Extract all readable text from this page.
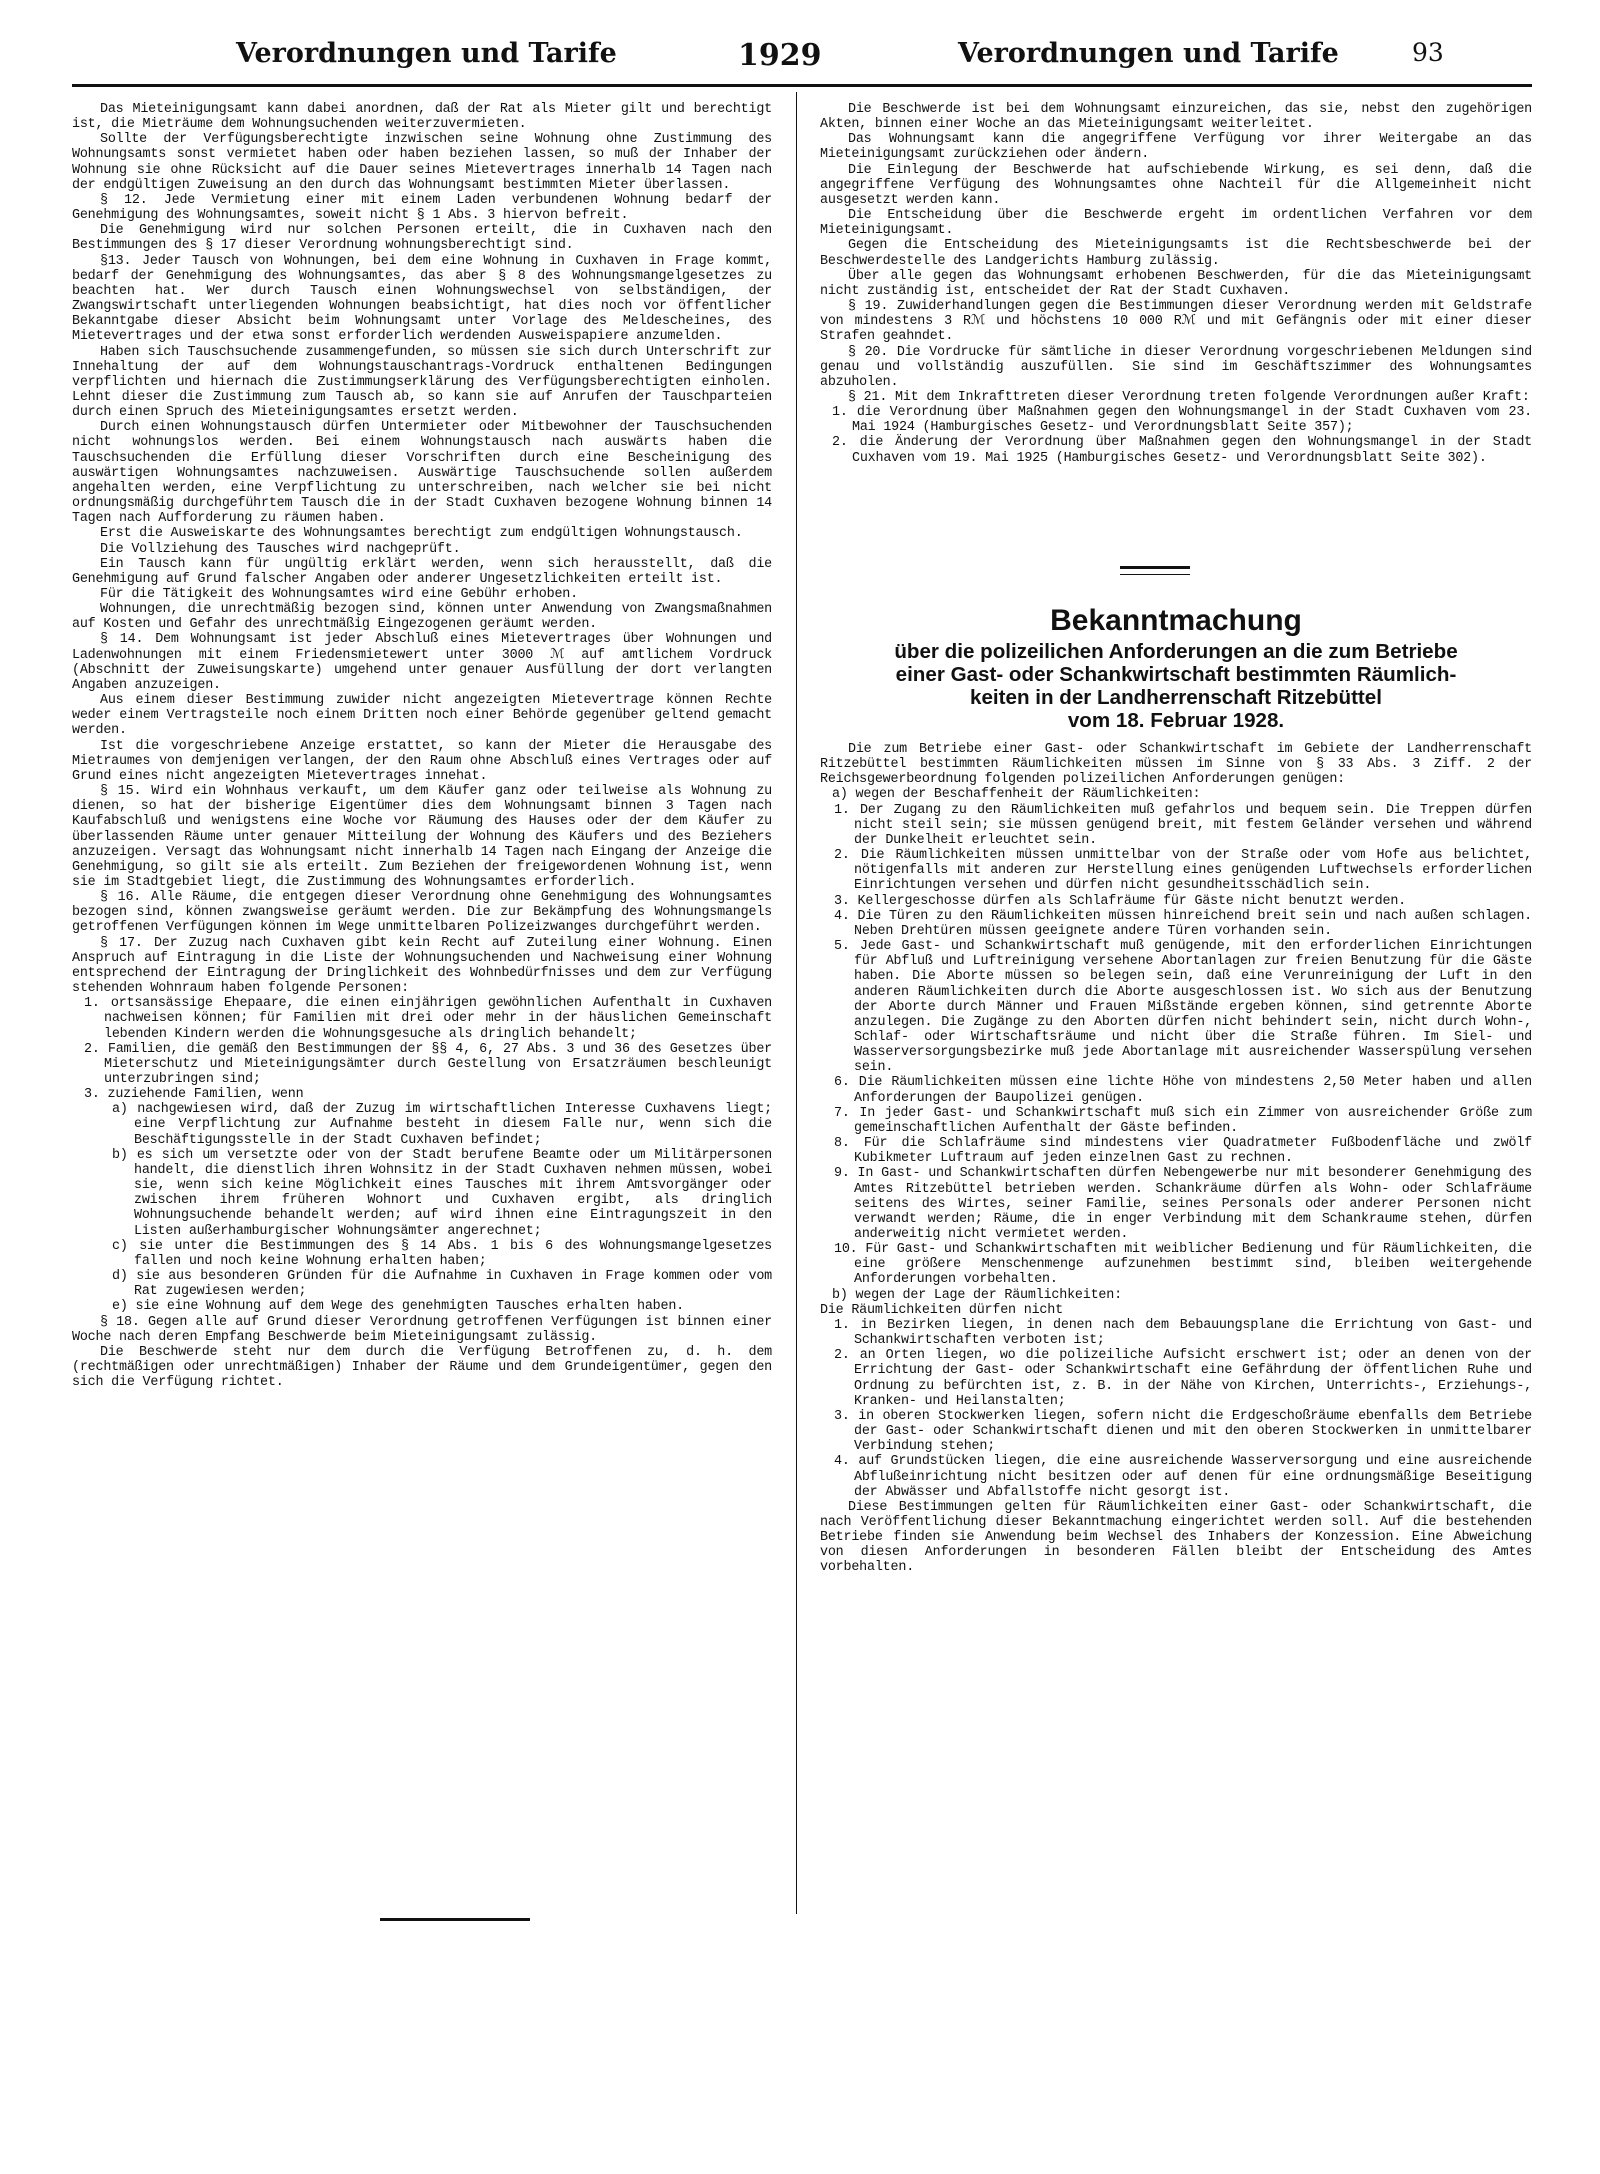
Verordnungen und Tarife	1929	Verordnungen und Tarife	93

Das Mieteinigungsamt kann dabei anordnen, daß der Rat als Mieter gilt und berechtigt ist, die Mieträume dem Wohnungsuchenden weiterzuvermieten.

Sollte der Verfügungsberechtigte inzwischen seine Wohnung ohne Zustimmung des Wohnungsamts sonst vermietet haben oder haben beziehen lassen, so muß der Inhaber der Wohnung sie ohne Rücksicht auf die Dauer seines Mietevertrages innerhalb 14 Tagen nach der endgültigen Zuweisung an den durch das Wohnungsamt bestimmten Mieter überlassen.

§ 12. Jede Vermietung einer mit einem Laden verbundenen Wohnung bedarf der Genehmigung des Wohnungsamtes, soweit nicht § 1 Abs. 3 hiervon befreit.

Die Genehmigung wird nur solchen Personen erteilt, die in Cuxhaven nach den Bestimmungen des § 17 dieser Verordnung wohnungsberechtigt sind.

§13. Jeder Tausch von Wohnungen, bei dem eine Wohnung in Cuxhaven in Frage kommt, bedarf der Genehmigung des Wohnungsamtes, das aber § 8 des Wohnungsmangelgesetzes zu beachten hat. Wer durch Tausch einen Wohnungswechsel von selbständigen, der Zwangswirtschaft unterliegenden Wohnungen beabsichtigt, hat dies noch vor öffentlicher Bekanntgabe dieser Absicht beim Wohnungsamt unter Vorlage des Meldescheines, des Mietevertrages und der etwa sonst erforderlich werdenden Ausweispapiere anzumelden.

Haben sich Tauschsuchende zusammengefunden, so müssen sie sich durch Unterschrift zur Innehaltung der auf dem Wohnungstauschantrags-Vordruck enthaltenen Bedingungen verpflichten und hiernach die Zustimmungserklärung des Verfügungsberechtigten einholen. Lehnt dieser die Zustimmung zum Tausch ab, so kann sie auf Anrufen der Tauschparteien durch einen Spruch des Mieteinigungsamtes ersetzt werden.

Durch einen Wohnungstausch dürfen Untermieter oder Mitbewohner der Tauschsuchenden nicht wohnungslos werden. Bei einem Wohnungstausch nach auswärts haben die Tauschsuchenden die Erfüllung dieser Vorschriften durch eine Bescheinigung des auswärtigen Wohnungsamtes nachzuweisen. Auswärtige Tauschsuchende sollen außerdem angehalten werden, eine Verpflichtung zu unterschreiben, nach welcher sie bei nicht ordnungsmäßig durchgeführtem Tausch die in der Stadt Cuxhaven bezogene Wohnung binnen 14 Tagen nach Aufforderung zu räumen haben.

Erst die Ausweiskarte des Wohnungsamtes berechtigt zum endgültigen Wohnungstausch.

Die Vollziehung des Tausches wird nachgeprüft.

Ein Tausch kann für ungültig erklärt werden, wenn sich herausstellt, daß die Genehmigung auf Grund falscher Angaben oder anderer Ungesetzlichkeiten erteilt ist.

Für die Tätigkeit des Wohnungsamtes wird eine Gebühr erhoben.

Wohnungen, die unrechtmäßig bezogen sind, können unter Anwendung von Zwangsmaßnahmen auf Kosten und Gefahr des unrechtmäßig Eingezogenen geräumt werden.

§ 14. Dem Wohnungsamt ist jeder Abschluß eines Mietevertrages über Wohnungen und Ladenwohnungen mit einem Friedensmietewert unter 3000 ℳ auf amtlichem Vordruck (Abschnitt der Zuweisungskarte) umgehend unter genauer Ausfüllung der dort verlangten Angaben anzuzeigen.

Aus einem dieser Bestimmung zuwider nicht angezeigten Mietevertrage können Rechte weder einem Vertragsteile noch einem Dritten noch einer Behörde gegenüber geltend gemacht werden.

Ist die vorgeschriebene Anzeige erstattet, so kann der Mieter die Herausgabe des Mietraumes von demjenigen verlangen, der den Raum ohne Abschluß eines Vertrages oder auf Grund eines nicht angezeigten Mietevertrages innehat.

§ 15. Wird ein Wohnhaus verkauft, um dem Käufer ganz oder teilweise als Wohnung zu dienen, so hat der bisherige Eigentümer dies dem Wohnungsamt binnen 3 Tagen nach Kaufabschluß und wenigstens eine Woche vor Räumung des Hauses oder der dem Käufer zu überlassenden Räume unter genauer Mitteilung der Wohnung des Käufers und des Beziehers anzuzeigen. Versagt das Wohnungsamt nicht innerhalb 14 Tagen nach Eingang der Anzeige die Genehmigung, so gilt sie als erteilt. Zum Beziehen der freigewordenen Wohnung ist, wenn sie im Stadtgebiet liegt, die Zustimmung des Wohnungsamtes erforderlich.

§ 16. Alle Räume, die entgegen dieser Verordnung ohne Genehmigung des Wohnungsamtes bezogen sind, können zwangsweise geräumt werden. Die zur Bekämpfung des Wohnungsmangels getroffenen Verfügungen können im Wege unmittelbaren Polizeizwanges durchgeführt werden.

§ 17. Der Zuzug nach Cuxhaven gibt kein Recht auf Zuteilung einer Wohnung. Einen Anspruch auf Eintragung in die Liste der Wohnungsuchenden und Nachweisung einer Wohnung entsprechend der Eintragung der Dringlichkeit des Wohnbedürfnisses und dem zur Verfügung stehenden Wohnraum haben folgende Personen:

1. ortsansässige Ehepaare, die einen einjährigen gewöhnlichen Aufenthalt in Cuxhaven nachweisen können; für Familien mit drei oder mehr in der häuslichen Gemeinschaft lebenden Kindern werden die Wohnungsgesuche als dringlich behandelt;

2. Familien, die gemäß den Bestimmungen der §§ 4, 6, 27 Abs. 3 und 36 des Gesetzes über Mieterschutz und Mieteinigungsämter durch Gestellung von Ersatzräumen beschleunigt unterzubringen sind;

3. zuziehende Familien, wenn

a) nachgewiesen wird, daß der Zuzug im wirtschaftlichen Interesse Cuxhavens liegt; eine Verpflichtung zur Aufnahme besteht in diesem Falle nur, wenn sich die Beschäftigungsstelle in der Stadt Cuxhaven befindet;

b) es sich um versetzte oder von der Stadt berufene Beamte oder um Militärpersonen handelt, die dienstlich ihren Wohnsitz in der Stadt Cuxhaven nehmen müssen, wobei sie, wenn sich keine Möglichkeit eines Tausches mit ihrem Amtsvorgänger oder zwischen ihrem früheren Wohnort und Cuxhaven ergibt, als dringlich Wohnungsuchende behandelt werden; auf wird ihnen eine Eintragungszeit in den Listen außerhamburgischer Wohnungsämter angerechnet;

c) sie unter die Bestimmungen des § 14 Abs. 1 bis 6 des Wohnungsmangelgesetzes fallen und noch keine Wohnung erhalten haben;

d) sie aus besonderen Gründen für die Aufnahme in Cuxhaven in Frage kommen oder vom Rat zugewiesen werden;

e) sie eine Wohnung auf dem Wege des genehmigten Tausches erhalten haben.

§ 18. Gegen alle auf Grund dieser Verordnung getroffenen Verfügungen ist binnen einer Woche nach deren Empfang Beschwerde beim Mieteinigungsamt zulässig.

Die Beschwerde steht nur dem durch die Verfügung Betroffenen zu, d. h. dem (rechtmäßigen oder unrechtmäßigen) Inhaber der Räume und dem Grundeigentümer, gegen den sich die Verfügung richtet.

Die Beschwerde ist bei dem Wohnungsamt einzureichen, das sie, nebst den zugehörigen Akten, binnen einer Woche an das Mieteinigungsamt weiterleitet.

Das Wohnungsamt kann die angegriffene Verfügung vor ihrer Weitergabe an das Mieteinigungsamt zurückziehen oder ändern.

Die Einlegung der Beschwerde hat aufschiebende Wirkung, es sei denn, daß die angegriffene Verfügung des Wohnungsamtes ohne Nachteil für die Allgemeinheit nicht ausgesetzt werden kann.

Die Entscheidung über die Beschwerde ergeht im ordentlichen Verfahren vor dem Mieteinigungsamt.

Gegen die Entscheidung des Mieteinigungsamts ist die Rechtsbeschwerde bei der Beschwerdestelle des Landgerichts Hamburg zulässig.

Über alle gegen das Wohnungsamt erhobenen Beschwerden, für die das Mieteinigungsamt nicht zuständig ist, entscheidet der Rat der Stadt Cuxhaven.

§ 19. Zuwiderhandlungen gegen die Bestimmungen dieser Verordnung werden mit Geldstrafe von mindestens 3 Rℳ und höchstens 10 000 Rℳ und mit Gefängnis oder mit einer dieser Strafen geahndet.

§ 20. Die Vordrucke für sämtliche in dieser Verordnung vorgeschriebenen Meldungen sind genau und vollständig auszufüllen. Sie sind im Geschäftszimmer des Wohnungsamtes abzuholen.

§ 21. Mit dem Inkrafttreten dieser Verordnung treten folgende Verordnungen außer Kraft:

1. die Verordnung über Maßnahmen gegen den Wohnungsmangel in der Stadt Cuxhaven vom 23. Mai 1924 (Hamburgisches Gesetz- und Verordnungsblatt Seite 357);

2. die Änderung der Verordnung über Maßnahmen gegen den Wohnungsmangel in der Stadt Cuxhaven vom 19. Mai 1925 (Hamburgisches Gesetz- und Verordnungsblatt Seite 302).

Bekanntmachung
über die polizeilichen Anforderungen an die zum Betriebe
einer Gast- oder Schankwirtschaft bestimmten Räumlich-
keiten in der Landherrenschaft Ritzebüttel
vom 18. Februar 1928.

Die zum Betriebe einer Gast- oder Schankwirtschaft im Gebiete der Landherrenschaft Ritzebüttel bestimmten Räumlichkeiten müssen im Sinne von § 33 Abs. 3 Ziff. 2 der Reichsgewerbeordnung folgenden polizeilichen Anforderungen genügen:

a) wegen der Beschaffenheit der Räumlichkeiten:

1. Der Zugang zu den Räumlichkeiten muß gefahrlos und bequem sein. Die Treppen dürfen nicht steil sein; sie müssen genügend breit, mit festem Geländer versehen und während der Dunkelheit erleuchtet sein.

2. Die Räumlichkeiten müssen unmittelbar von der Straße oder vom Hofe aus belichtet, nötigenfalls mit anderen zur Herstellung eines genügenden Luftwechsels erforderlichen Einrichtungen versehen und dürfen nicht gesundheitsschädlich sein.

3. Kellergeschosse dürfen als Schlafräume für Gäste nicht benutzt werden.

4. Die Türen zu den Räumlichkeiten müssen hinreichend breit sein und nach außen schlagen. Neben Drehtüren müssen geeignete andere Türen vorhanden sein.

5. Jede Gast- und Schankwirtschaft muß genügende, mit den erforderlichen Einrichtungen für Abfluß und Luftreinigung versehene Abortanlagen zur freien Benutzung für die Gäste haben. Die Aborte müssen so belegen sein, daß eine Verunreinigung der Luft in den anderen Räumlichkeiten durch die Aborte ausgeschlossen ist. Wo sich aus der Benutzung der Aborte durch Männer und Frauen Mißstände ergeben können, sind getrennte Aborte anzulegen. Die Zugänge zu den Aborten dürfen nicht behindert sein, nicht durch Wohn-, Schlaf- oder Wirtschaftsräume und nicht über die Straße führen. Im Siel- und Wasserversorgungsbezirke muß jede Abortanlage mit ausreichender Wasserspülung versehen sein.

6. Die Räumlichkeiten müssen eine lichte Höhe von mindestens 2,50 Meter haben und allen Anforderungen der Baupolizei genügen.

7. In jeder Gast- und Schankwirtschaft muß sich ein Zimmer von ausreichender Größe zum gemeinschaftlichen Aufenthalt der Gäste befinden.

8. Für die Schlafräume sind mindestens vier Quadratmeter Fußbodenfläche und zwölf Kubikmeter Luftraum auf jeden einzelnen Gast zu rechnen.

9. In Gast- und Schankwirtschaften dürfen Nebengewerbe nur mit besonderer Genehmigung des Amtes Ritzebüttel betrieben werden. Schankräume dürfen als Wohn- oder Schlafräume seitens des Wirtes, seiner Familie, seines Personals oder anderer Personen nicht verwandt werden; Räume, die in enger Verbindung mit dem Schankraume stehen, dürfen anderweitig nicht vermietet werden.

10. Für Gast- und Schankwirtschaften mit weiblicher Bedienung und für Räumlichkeiten, die eine größere Menschenmenge aufzunehmen bestimmt sind, bleiben weitergehende Anforderungen vorbehalten.

b) wegen der Lage der Räumlichkeiten:

Die Räumlichkeiten dürfen nicht

1. in Bezirken liegen, in denen nach dem Bebauungsplane die Errichtung von Gast- und Schankwirtschaften verboten ist;

2. an Orten liegen, wo die polizeiliche Aufsicht erschwert ist; oder an denen von der Errichtung der Gast- oder Schankwirtschaft eine Gefährdung der öffentlichen Ruhe und Ordnung zu befürchten ist, z. B. in der Nähe von Kirchen, Unterrichts-, Erziehungs-, Kranken- und Heilanstalten;

3. in oberen Stockwerken liegen, sofern nicht die Erdgeschoßräume ebenfalls dem Betriebe der Gast- oder Schankwirtschaft dienen und mit den oberen Stockwerken in unmittelbarer Verbindung stehen;

4. auf Grundstücken liegen, die eine ausreichende Wasserversorgung und eine ausreichende Abflußeinrichtung nicht besitzen oder auf denen für eine ordnungsmäßige Beseitigung der Abwässer und Abfallstoffe nicht gesorgt ist.

Diese Bestimmungen gelten für Räumlichkeiten einer Gast- oder Schankwirtschaft, die nach Veröffentlichung dieser Bekanntmachung eingerichtet werden soll. Auf die bestehenden Betriebe finden sie Anwendung beim Wechsel des Inhabers der Konzession. Eine Abweichung von diesen Anforderungen in besonderen Fällen bleibt der Entscheidung des Amtes vorbehalten.
